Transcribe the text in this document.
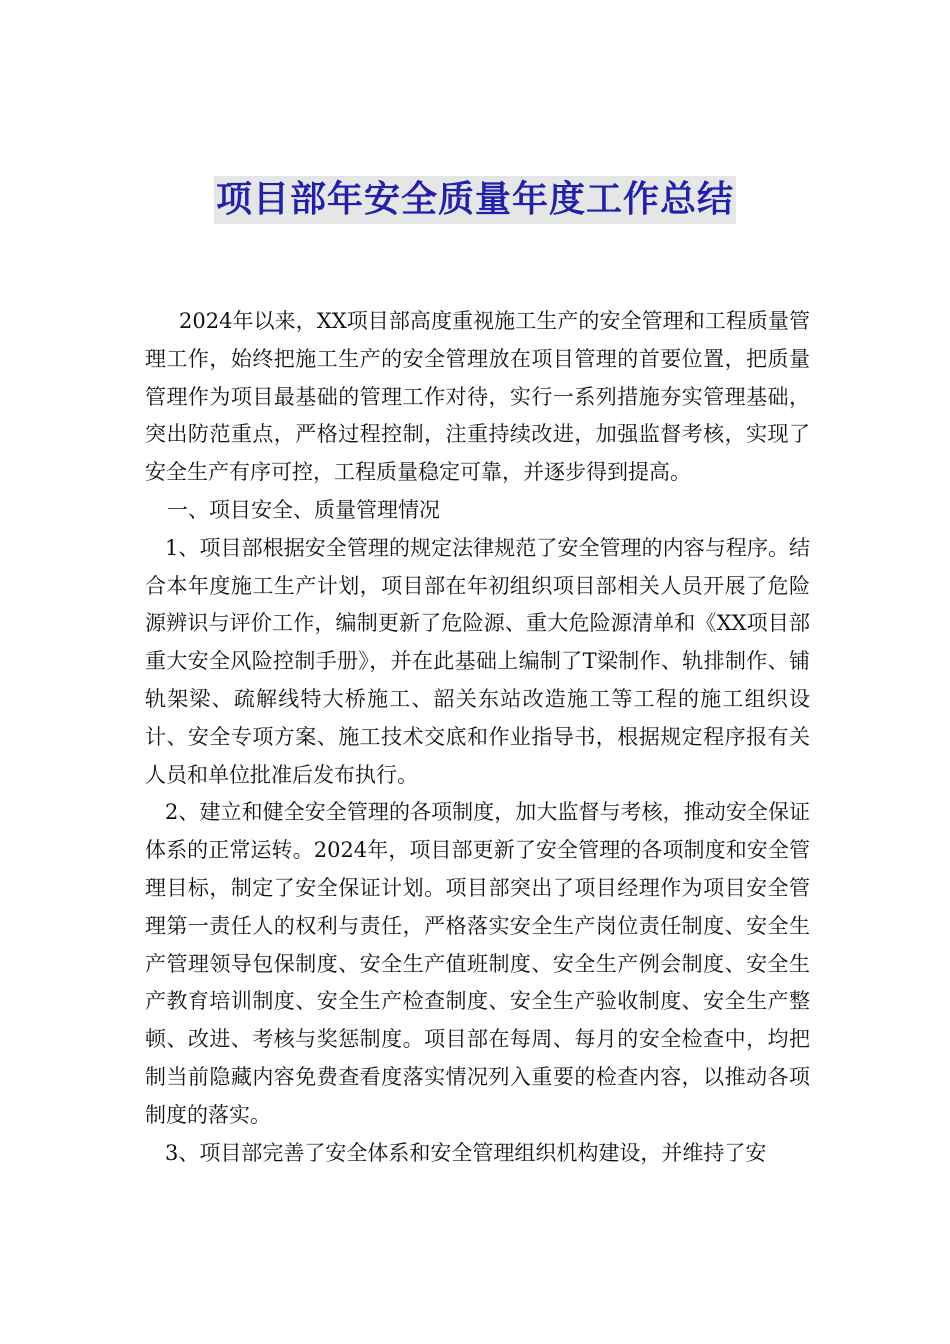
项目部年安全质量年度工作总结

2024年以来，XX项目部高度重视施工生产的安全管理和工程质量管理工作，始终把施工生产的安全管理放在项目管理的首要位置，把质量管理作为项目最基础的管理工作对待，实行一系列措施夯实管理基础，突出防范重点，严格过程控制，注重持续改进，加强监督考核，实现了安全生产有序可控，工程质量稳定可靠，并逐步得到提高。

一、项目安全、质量管理情况

1、项目部根据安全管理的规定法律规范了安全管理的内容与程序。结合本年度施工生产计划，项目部在年初组织项目部相关人员开展了危险源辨识与评价工作，编制更新了危险源、重大危险源清单和《XX项目部重大安全风险控制手册》，并在此基础上编制了T梁制作、轨排制作、铺轨架梁、疏解线特大桥施工、韶关东站改造施工等工程的施工组织设计、安全专项方案、施工技术交底和作业指导书，根据规定程序报有关人员和单位批准后发布执行。

2、建立和健全安全管理的各项制度，加大监督与考核，推动安全保证体系的正常运转。2024年，项目部更新了安全管理的各项制度和安全管理目标，制定了安全保证计划。项目部突出了项目经理作为项目安全管理第一责任人的权利与责任，严格落实安全生产岗位责任制度、安全生产管理领导包保制度、安全生产值班制度、安全生产例会制度、安全生产教育培训制度、安全生产检查制度、安全生产验收制度、安全生产整顿、改进、考核与奖惩制度。项目部在每周、每月的安全检查中，均把制当前隐藏内容免费查看度落实情况列入重要的检查内容，以推动各项制度的落实。

3、项目部完善了安全体系和安全管理组织机构建设，并维持了安
